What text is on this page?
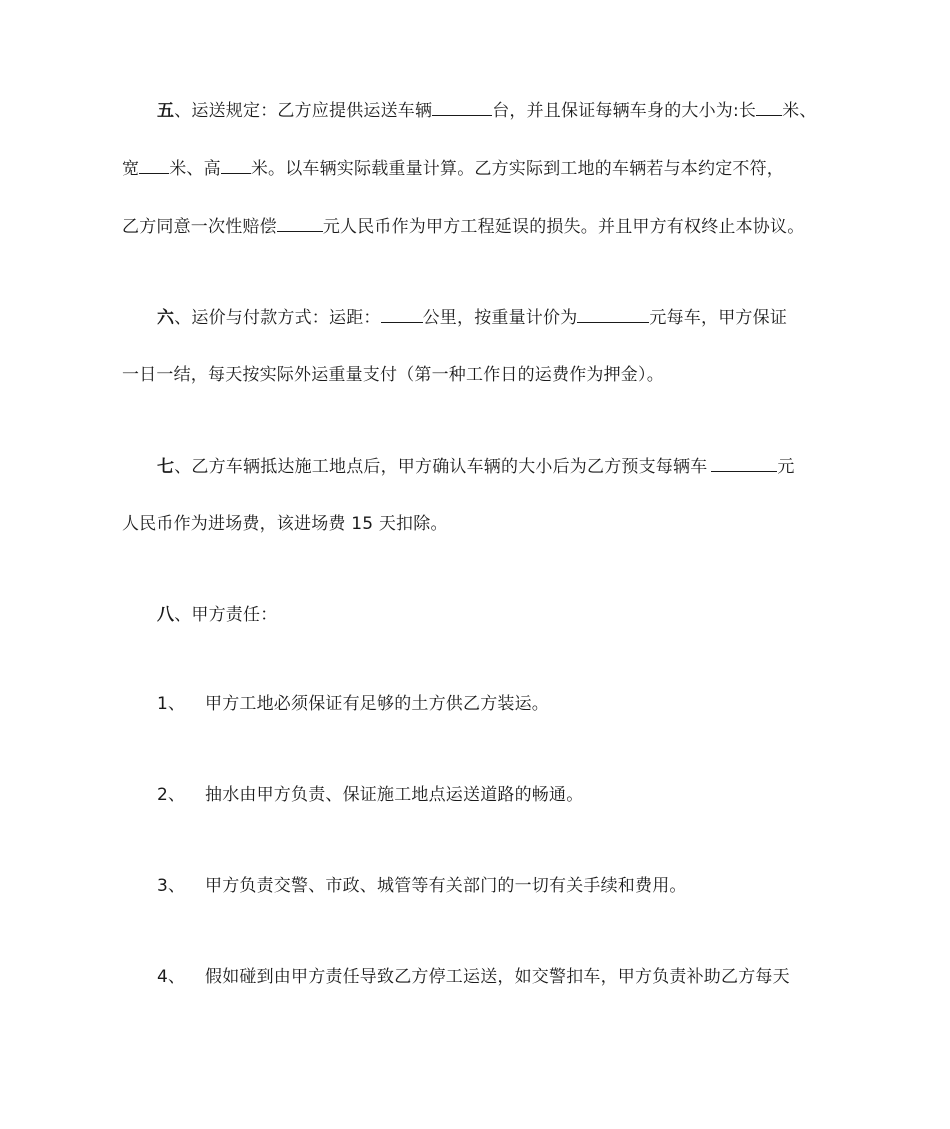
五、运送规定：乙方应提供运送车辆	台，并且保证每辆车身的大小为:长 米、
宽 米、高 米。以车辆实际载重量计算。乙方实际到工地的车辆若与本约定不符，
乙方同意一次性赔偿	元人民币作为甲方工程延误的损失。并且甲方有权终止本协议。
六、运价与付款方式：运距： 公里，按重量计价为	元每车，甲方保证
一日一结，每天按实际外运重量支付（第一种工作日的运费作为押金）。
七、乙方车辆抵达施工地点后，甲方确认车辆的大小后为乙方预支每辆车	元
人民币作为进场费，该进场费 15 天扣除。
八、甲方责任：
1、 甲方工地必须保证有足够的土方供乙方装运。
2、 抽水由甲方负责、保证施工地点运送道路的畅通。
3、 甲方负责交警、市政、城管等有关部门的一切有关手续和费用。
4、 假如碰到由甲方责任导致乙方停工运送，如交警扣车，甲方负责补助乙方每天
